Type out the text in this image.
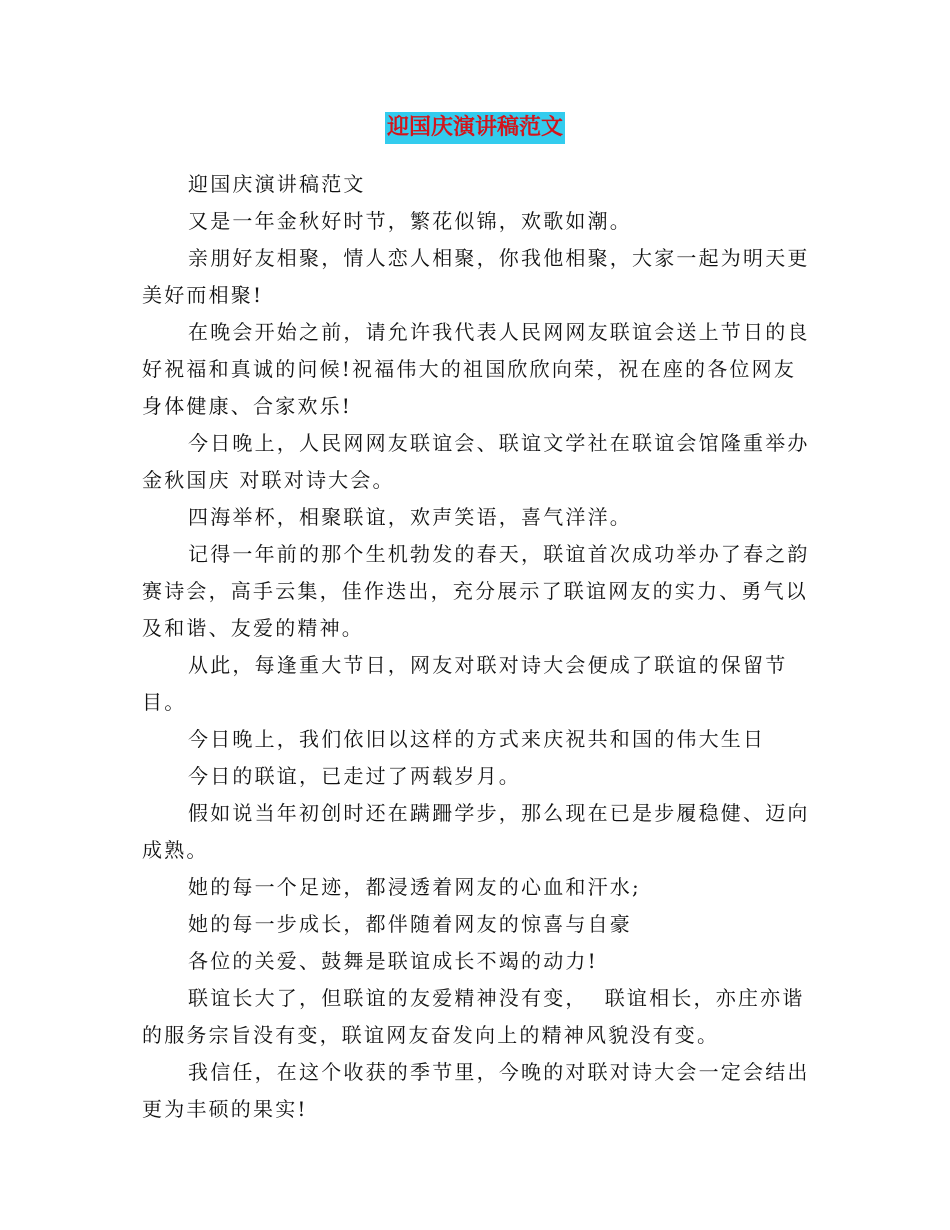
迎国庆演讲稿范文

迎国庆演讲稿范文

又是一年金秋好时节，繁花似锦，欢歌如潮。

亲朋好友相聚，情人恋人相聚，你我他相聚，大家一起为明天更美好而相聚!

在晚会开始之前，请允许我代表人民网网友联谊会送上节日的良好祝福和真诚的问候!祝福伟大的祖国欣欣向荣，祝在座的各位网友身体健康、合家欢乐!

今日晚上，人民网网友联谊会、联谊文学社在联谊会馆隆重举办金秋国庆 对联对诗大会。

四海举杯，相聚联谊，欢声笑语，喜气洋洋。

记得一年前的那个生机勃发的春天，联谊首次成功举办了春之韵赛诗会，高手云集，佳作迭出，充分展示了联谊网友的实力、勇气以及和谐、友爱的精神。

从此，每逢重大节日，网友对联对诗大会便成了联谊的保留节目。

今日晚上，我们依旧以这样的方式来庆祝共和国的伟大生日

今日的联谊，已走过了两载岁月。

假如说当年初创时还在蹒跚学步，那么现在已是步履稳健、迈向成熟。

她的每一个足迹，都浸透着网友的心血和汗水;

她的每一步成长，都伴随着网友的惊喜与自豪

各位的关爱、鼓舞是联谊成长不竭的动力!

联谊长大了，但联谊的友爱精神没有变，  联谊相长，亦庄亦谐的服务宗旨没有变，联谊网友奋发向上的精神风貌没有变。

我信任，在这个收获的季节里，今晚的对联对诗大会一定会结出更为丰硕的果实!
